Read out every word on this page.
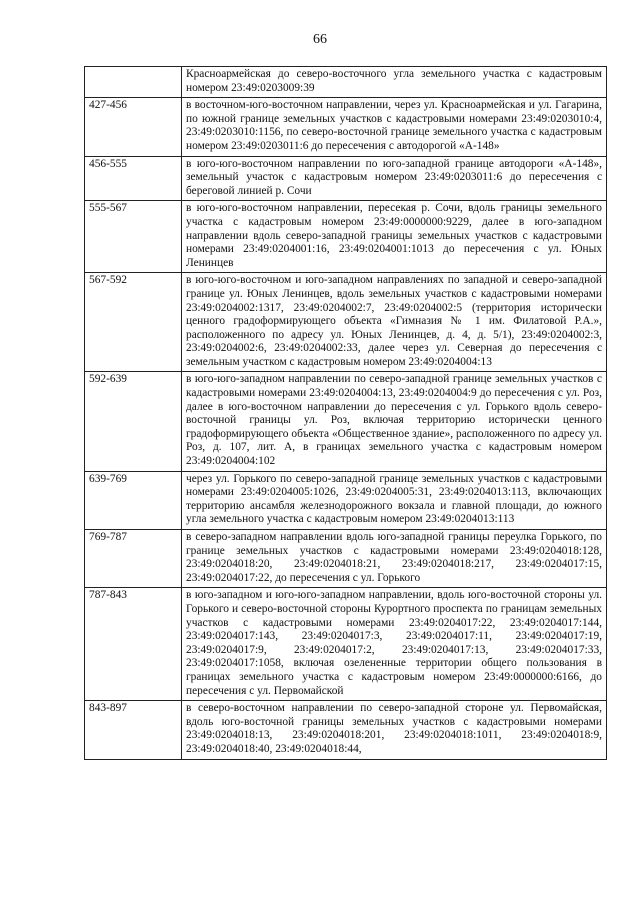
66
	Красноармейская до северо-восточного угла земельного участка с кадастровым номером 23:49:0203009:39
427-456	в восточном-юго-восточном направлении, через ул. Красноармейская и ул. Гагарина, по южной границе земельных участков с кадастровыми номерами 23:49:0203010:4, 23:49:0203010:1156, по северо-восточной границе земельного участка с кадастровым номером 23:49:0203011:6 до пересечения с автодорогой «А-148»
456-555	в юго-юго-восточном направлении по юго-западной границе автодороги «А-148», земельный участок с кадастровым номером 23:49:0203011:6 до пересечения с береговой линией р. Сочи
555-567	в юго-юго-восточном направлении, пересекая р. Сочи, вдоль границы земельного участка с кадастровым номером 23:49:0000000:9229, далее в юго-западном направлении вдоль северо-западной границы земельных участков с кадастровыми номерами 23:49:0204001:16, 23:49:0204001:1013 до пересечения с ул. Юных Ленинцев
567-592	в юго-юго-восточном и юго-западном направлениях по западной и северо-западной границе ул. Юных Ленинцев, вдоль земельных участков с кадастровыми номерами 23:49:0204002:1317, 23:49:0204002:7, 23:49:0204002:5 (территория исторически ценного градоформирующего объекта «Гимназия № 1 им. Филатовой Р.А.», расположенного по адресу ул. Юных Ленинцев, д. 4, д. 5/1), 23:49:0204002:3, 23:49:0204002:6, 23:49:0204002:33, далее через ул. Северная до пересечения с земельным участком с кадастровым номером 23:49:0204004:13
592-639	в юго-юго-западном направлении по северо-западной границе земельных участков с кадастровыми номерами 23:49:0204004:13, 23:49:0204004:9 до пересечения с ул. Роз, далее в юго-восточном направлении до пересечения с ул. Горького вдоль северо-восточной границы ул. Роз, включая территорию исторически ценного градоформирующего объекта «Общественное здание», расположенного по адресу ул. Роз, д. 107, лит. А, в границах земельного участка с кадастровым номером 23:49:0204004:102
639-769	через ул. Горького по северо-западной границе земельных участков с кадастровыми номерами 23:49:0204005:1026, 23:49:0204005:31, 23:49:0204013:113, включающих территорию ансамбля железнодорожного вокзала и главной площади, до южного угла земельного участка с кадастровым номером 23:49:0204013:113
769-787	в северо-западном направлении вдоль юго-западной границы переулка Горького, по границе земельных участков с кадастровыми номерами 23:49:0204018:128, 23:49:0204018:20, 23:49:0204018:21, 23:49:0204018:217, 23:49:0204017:15, 23:49:0204017:22, до пересечения с ул. Горького
787-843	в юго-западном и юго-юго-западном направлении, вдоль юго-восточной стороны ул. Горького и северо-восточной стороны Курортного проспекта по границам земельных участков с кадастровыми номерами 23:49:0204017:22, 23:49:0204017:144, 23:49:0204017:143, 23:49:0204017:3, 23:49:0204017:11, 23:49:0204017:19, 23:49:0204017:9, 23:49:0204017:2, 23:49:0204017:13, 23:49:0204017:33, 23:49:0204017:1058, включая озелененные территории общего пользования в границах земельного участка с кадастровым номером 23:49:0000000:6166, до пересечения с ул. Первомайской
843-897	в северо-восточном направлении по северо-западной стороне ул. Первомайская, вдоль юго-восточной границы земельных участков с кадастровыми номерами 23:49:0204018:13, 23:49:0204018:201, 23:49:0204018:1011, 23:49:0204018:9, 23:49:0204018:40, 23:49:0204018:44,
